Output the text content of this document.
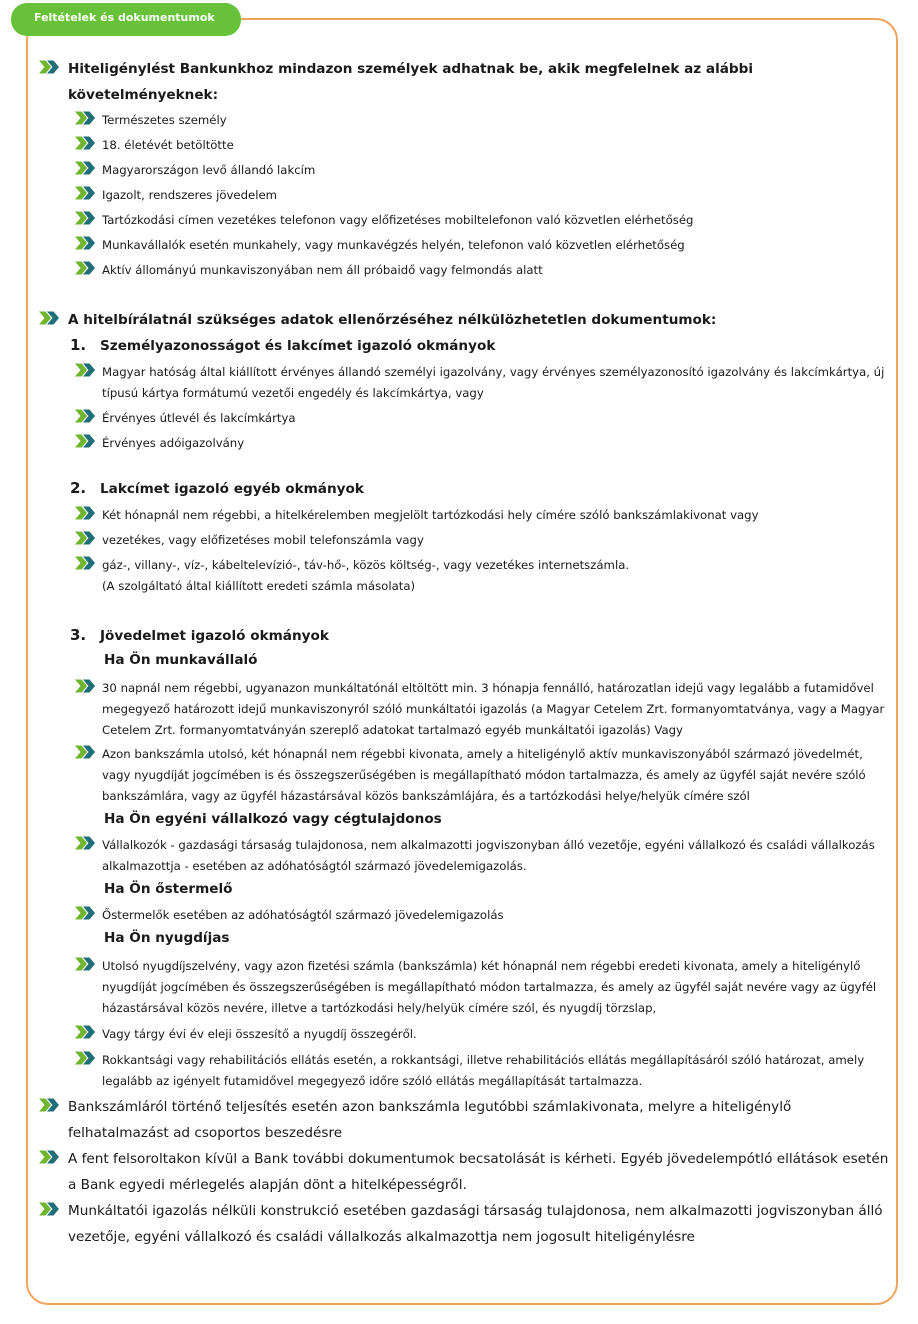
Feltételek és dokumentumok
Hiteligénylést Bankunkhoz mindazon személyek adhatnak be, akik megfelelnek az alábbi követelményeknek:
Természetes személy
18. életévét betöltötte
Magyarországon levő állandó lakcím
Igazolt, rendszeres jövedelem
Tartózkodási címen vezetékes telefonon vagy előfizetéses mobiltelefonon való közvetlen elérhetőség
Munkavállalók esetén munkahely, vagy munkavégzés helyén, telefonon való közvetlen elérhetőség
Aktív állományú munkaviszonyában nem áll próbaidő vagy felmondás alatt
A hitelbírálatnál szükséges adatok ellenőrzéséhez nélkülözhetetlen dokumentumok:
1. Személyazonosságot és lakcímet igazoló okmányok
Magyar hatóság által kiállított érvényes állandó személyi igazolvány, vagy érvényes személyazonosító igazolvány és lakcímkártya, új típusú kártya formátumú vezetői engedély és lakcímkártya, vagy
Érvényes útlevél és lakcímkártya
Érvényes adóigazolvány
2. Lakcímet igazoló egyéb okmányok
Két hónapnál nem régebbi, a hitelkérelemben megjelölt tartózkodási hely címére szóló bankszámlakivonat vagy
vezetékes, vagy előfizetéses mobil telefonszámla vagy
gáz-, villany-, víz-, kábeltelevízió-, táv-hő-, közös költség-, vagy vezetékes internetszámla.
(A szolgáltató által kiállított eredeti számla másolata)
3. Jövedelmet igazoló okmányok
Ha Ön munkavállaló
30 napnál nem régebbi, ugyanazon munkáltatónál eltöltött min. 3 hónapja fennálló, határozatlan idejű vagy legalább a futamidővel megegyező határozott idejű munkaviszonyról szóló munkáltatói igazolás (a Magyar Cetelem Zrt. formanyomtatványa, vagy a Magyar Cetelem Zrt. formanyomtatványán szereplő adatokat tartalmazó egyéb munkáltatói igazolás) Vagy
Azon bankszámla utolsó, két hónapnál nem régebbi kivonata, amely a hiteligénylő aktív munkaviszonyából származó jövedelmét, vagy nyugdíját jogcímében is és összegszerűségében is megállapítható módon tartalmazza, és amely az ügyfél saját nevére szóló bankszámlára, vagy az ügyfél házastársával közös bankszámlájára, és a tartózkodási helye/helyük címére szól
Ha Ön egyéni vállalkozó vagy cégtulajdonos
Vállalkozók - gazdasági társaság tulajdonosa, nem alkalmazotti jogviszonyban álló vezetője, egyéni vállalkozó és családi vállalkozás alkalmazottja - esetében az adóhatóságtól származó jövedelemigazolás.
Ha Ön őstermelő
Őstermelők esetében az adóhatóságtól származó jövedelemigazolás
Ha Ön nyugdíjas
Utolsó nyugdíjszelvény, vagy azon fizetési számla (bankszámla) két hónapnál nem régebbi eredeti kivonata, amely a hiteligénylő nyugdíját jogcímében és összegszerűségében is megállapítható módon tartalmazza, és amely az ügyfél saját nevére vagy az ügyfél házastársával közös nevére, illetve a tartózkodási hely/helyük címére szól, és nyugdíj törzslap,
Vagy tárgy évi év eleji összesítő a nyugdíj összegéről.
Rokkantsági vagy rehabilitációs ellátás esetén, a rokkantsági, illetve rehabilitációs ellátás megállapításáról szóló határozat, amely legalább az igényelt futamidővel megegyező időre szóló ellátás megállapítását tartalmazza.
Bankszámláról történő teljesítés esetén azon bankszámla legutóbbi számlakivonata, melyre a hiteligénylő felhatalmazást ad csoportos beszedésre
A fent felsoroltakon kívül a Bank további dokumentumok becsatolását is kérheti. Egyéb jövedelempótló ellátások esetén a Bank egyedi mérlegelés alapján dönt a hitelképességről.
Munkáltatói igazolás nélküli konstrukció esetében gazdasági társaság tulajdonosa, nem alkalmazotti jogviszonyban álló vezetője, egyéni vállalkozó és családi vállalkozás alkalmazottja nem jogosult hiteligénylésre
